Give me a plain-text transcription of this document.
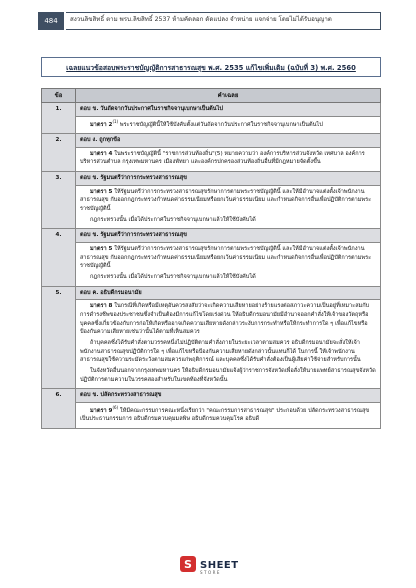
484	สงวนลิขสิทธิ์ ตาม พรบ.ลิขสิทธิ์ 2537 ห้ามคัดลอก ดัดแปลง จำหน่าย แจกจ่าย โดยไม่ได้รับอนุญาต
เฉลยแนวข้อสอบพระราชบัญญัติการสาธารณสุข พ.ศ. 2535 แก้ไขเพิ่มเติม (ฉบับที่ 3) พ.ศ. 2560
ข้อ	คำเฉลย
1.	ตอบ ข. วันถัดจากวันประกาศในราชกิจจานุเบกษาเป็นต้นไป

	มาตรา 2$^{(1)}$ พระราชบัญญัตินี้ให้ใช้บังคับตั้งแต่วันถัดจากวันประกาศในราชกิจจานุเบกษาเป็นต้นไป

2.	ตอบ ง. ถูกทุกข้อ

	มาตรา 4 ในพระราชบัญญัตินี้ "ราชการส่วนท้องถิ่น"(5) หมายความว่า องค์การบริหารส่วนจังหวัด เทศบาล องค์การบริหารส่วนตำบล กรุงเทพมหานคร เมืองพัทยา และองค์กรปกครองส่วนท้องถิ่นอื่นที่มีกฎหมายจัดตั้งขึ้น

3.	ตอบ ข. รัฐมนตรีว่าการกระทรวงสาธารณสุข

	มาตรา 5 ให้รัฐมนตรีว่าการกระทรวงสาธารณสุขรักษาการตามพระราชบัญญัตินี้ และให้มีอำนาจแต่งตั้งเจ้าพนักงานสาธารณสุข กับออกกฎกระทรวงกำหนดค่าธรรมเนียมหรือยกเว้นค่าธรรมเนียม และกำหนดกิจการอื่นเพื่อปฏิบัติการตามพระราชบัญญัตินี้
กฎกระทรวงนั้น เมื่อได้ประกาศในราชกิจจานุเบกษาแล้วให้ใช้บังคับได้

4.	ตอบ ข. รัฐมนตรีว่าการกระทรวงสาธารณสุข

	มาตรา 5 ให้รัฐมนตรีว่าการกระทรวงสาธารณสุขรักษาการตามพระราชบัญญัตินี้ และให้มีอำนาจแต่งตั้งเจ้าพนักงานสาธารณสุข กับออกกฎกระทรวงกำหนดค่าธรรมเนียมหรือยกเว้นค่าธรรมเนียม และกำหนดกิจการอื่นเพื่อปฏิบัติการตามพระราชบัญญัตินี้
กฎกระทรวงนั้น เมื่อได้ประกาศในราชกิจจานุเบกษาแล้วให้ใช้บังคับได้

5.	ตอบ ค. อธิบดีกรมอนามัย

	มาตรา 8 ในกรณีที่เกิดหรือมีเหตุอันควรสงสัยว่าจะเกิดความเสียหายอย่างร้ายแรงต่อสภาวะความเป็นอยู่ที่เหมาะสมกับการดำรงชีพของประชาชนซึ่งจำเป็นต้องมีการแก้ไขโดยเร่งด่วน ให้อธิบดีกรมอนามัยมีอำนาจออกคำสั่งให้เจ้าของวัตถุหรือบุคคลซึ่งเกี่ยวข้องกับการก่อให้เกิดหรืออาจเกิดความเสียหายดังกล่าวระงับการกระทำหรือให้กระทำการใด ๆ เพื่อแก้ไขหรือป้องกันความเสียหายเช่นว่านั้นได้ตามที่เห็นสมควร
ถ้าบุคคลซึ่งได้รับคำสั่งตามวรรคหนึ่งไม่ปฏิบัติตามคำสั่งภายในระยะเวลาตามสมควร อธิบดีกรมอนามัยจะสั่งให้เจ้าพนักงานสาธารณสุขปฏิบัติการใด ๆ เพื่อแก้ไขหรือป้องกันความเสียหายดังกล่าวนั้นแทนก็ได้ ในการนี้ ให้เจ้าพนักงานสาธารณสุขใช้ความระมัดระวังตามสมควรแก่พฤติการณ์ และบุคคลซึ่งได้รับคำสั่งต้องเป็นผู้เสียค่าใช้จ่ายสำหรับการนั้น
ในจังหวัดอื่นนอกจากกรุงเทพมหานคร ให้อธิบดีกรมอนามัยแจ้งผู้ว่าราชการจังหวัดเพื่อสั่งให้นายแพทย์สาธารณสุขจังหวัดปฏิบัติการตามความในวรรคสองสำหรับในเขตท้องที่จังหวัดนั้น

6.	ตอบ ข. ปลัดกระทรวงสาธารณสุข

	มาตรา 9$^{(6)}$ ให้มีคณะกรรมการคณะหนึ่งเรียกว่า "คณะกรรมการสาธารณสุข" ประกอบด้วย ปลัดกระทรวงสาธารณสุขเป็นประธานกรรมการ อธิบดีกรมควบคุมมลพิษ อธิบดีกรมควบคุมโรค อธิบดี
S SHEET
STORE
